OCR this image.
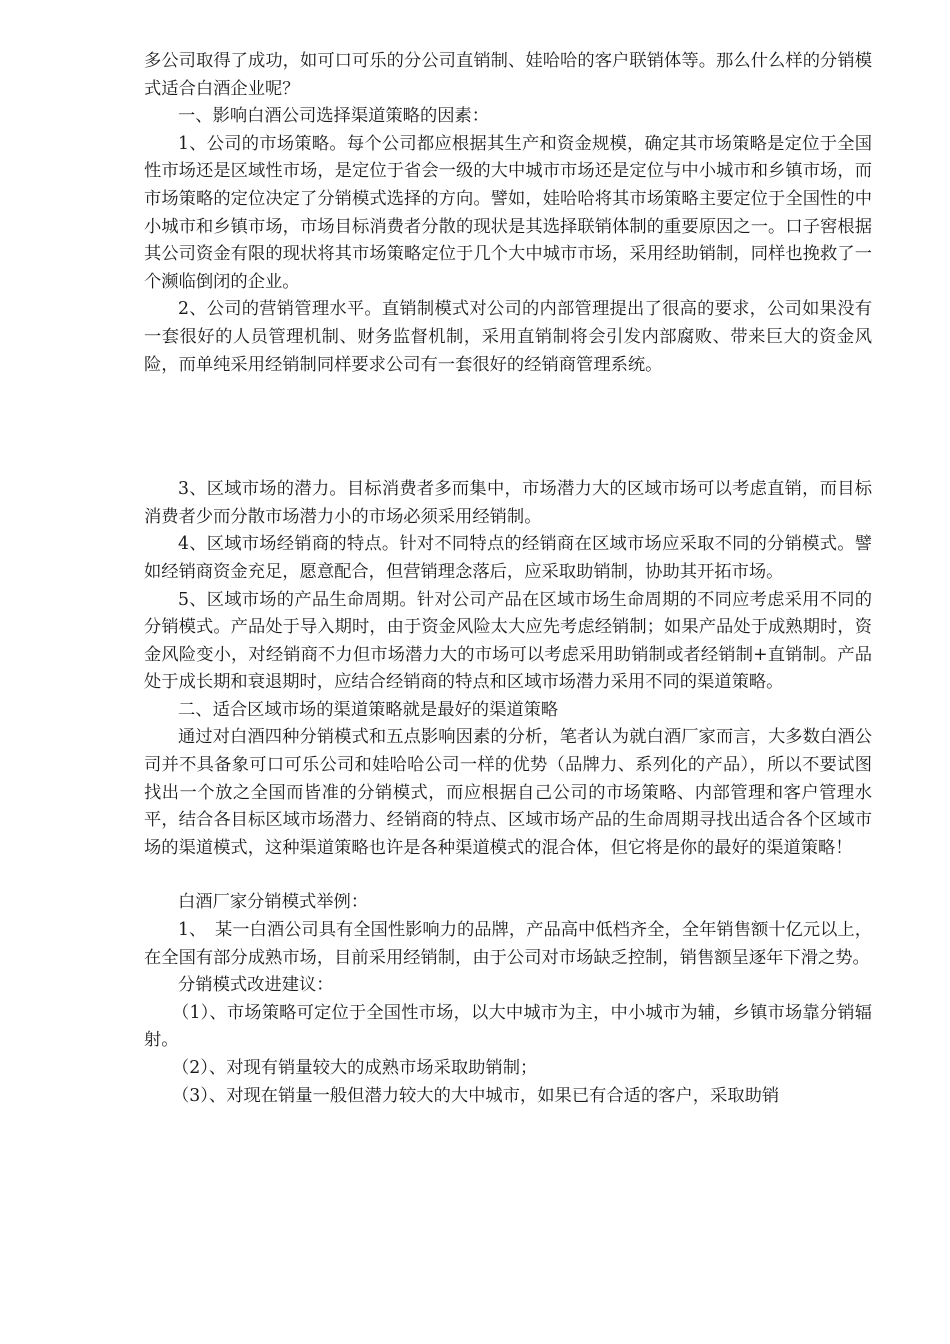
多公司取得了成功，如可口可乐的分公司直销制、娃哈哈的客户联销体等。那么什么样的分销模式适合白酒企业呢？

一、影响白酒公司选择渠道策略的因素：

1、公司的市场策略。每个公司都应根据其生产和资金规模，确定其市场策略是定位于全国性市场还是区域性市场，是定位于省会一级的大中城市市场还是定位与中小城市和乡镇市场，而市场策略的定位决定了分销模式选择的方向。譬如，娃哈哈将其市场策略主要定位于全国性的中小城市和乡镇市场，市场目标消费者分散的现状是其选择联销体制的重要原因之一。口子窖根据其公司资金有限的现状将其市场策略定位于几个大中城市市场，采用经助销制，同样也挽救了一个濒临倒闭的企业。

2、公司的营销管理水平。直销制模式对公司的内部管理提出了很高的要求，公司如果没有一套很好的人员管理机制、财务监督机制，采用直销制将会引发内部腐败、带来巨大的资金风险，而单纯采用经销制同样要求公司有一套很好的经销商管理系统。

3、区域市场的潜力。目标消费者多而集中，市场潜力大的区域市场可以考虑直销，而目标消费者少而分散市场潜力小的市场必须采用经销制。

4、区域市场经销商的特点。针对不同特点的经销商在区域市场应采取不同的分销模式。譬如经销商资金充足，愿意配合，但营销理念落后，应采取助销制，协助其开拓市场。

5、区域市场的产品生命周期。针对公司产品在区域市场生命周期的不同应考虑采用不同的分销模式。产品处于导入期时，由于资金风险太大应先考虑经销制；如果产品处于成熟期时，资金风险变小，对经销商不力但市场潜力大的市场可以考虑采用助销制或者经销制+直销制。产品处于成长期和衰退期时，应结合经销商的特点和区域市场潜力采用不同的渠道策略。

二、适合区域市场的渠道策略就是最好的渠道策略

通过对白酒四种分销模式和五点影响因素的分析，笔者认为就白酒厂家而言，大多数白酒公司并不具备象可口可乐公司和娃哈哈公司一样的优势（品牌力、系列化的产品），所以不要试图找出一个放之全国而皆准的分销模式，而应根据自己公司的市场策略、内部管理和客户管理水平，结合各目标区域市场潜力、经销商的特点、区域市场产品的生命周期寻找出适合各个区域市场的渠道模式，这种渠道策略也许是各种渠道模式的混合体，但它将是你的最好的渠道策略！

白酒厂家分销模式举例：

1、　某一白酒公司具有全国性影响力的品牌，产品高中低档齐全，全年销售额十亿元以上，在全国有部分成熟市场，目前采用经销制，由于公司对市场缺乏控制，销售额呈逐年下滑之势。

分销模式改进建议：

（1）、市场策略可定位于全国性市场，以大中城市为主，中小城市为辅，乡镇市场靠分销辐射。

（2）、对现有销量较大的成熟市场采取助销制；

（3）、对现在销量一般但潜力较大的大中城市，如果已有合适的客户，采取助销
